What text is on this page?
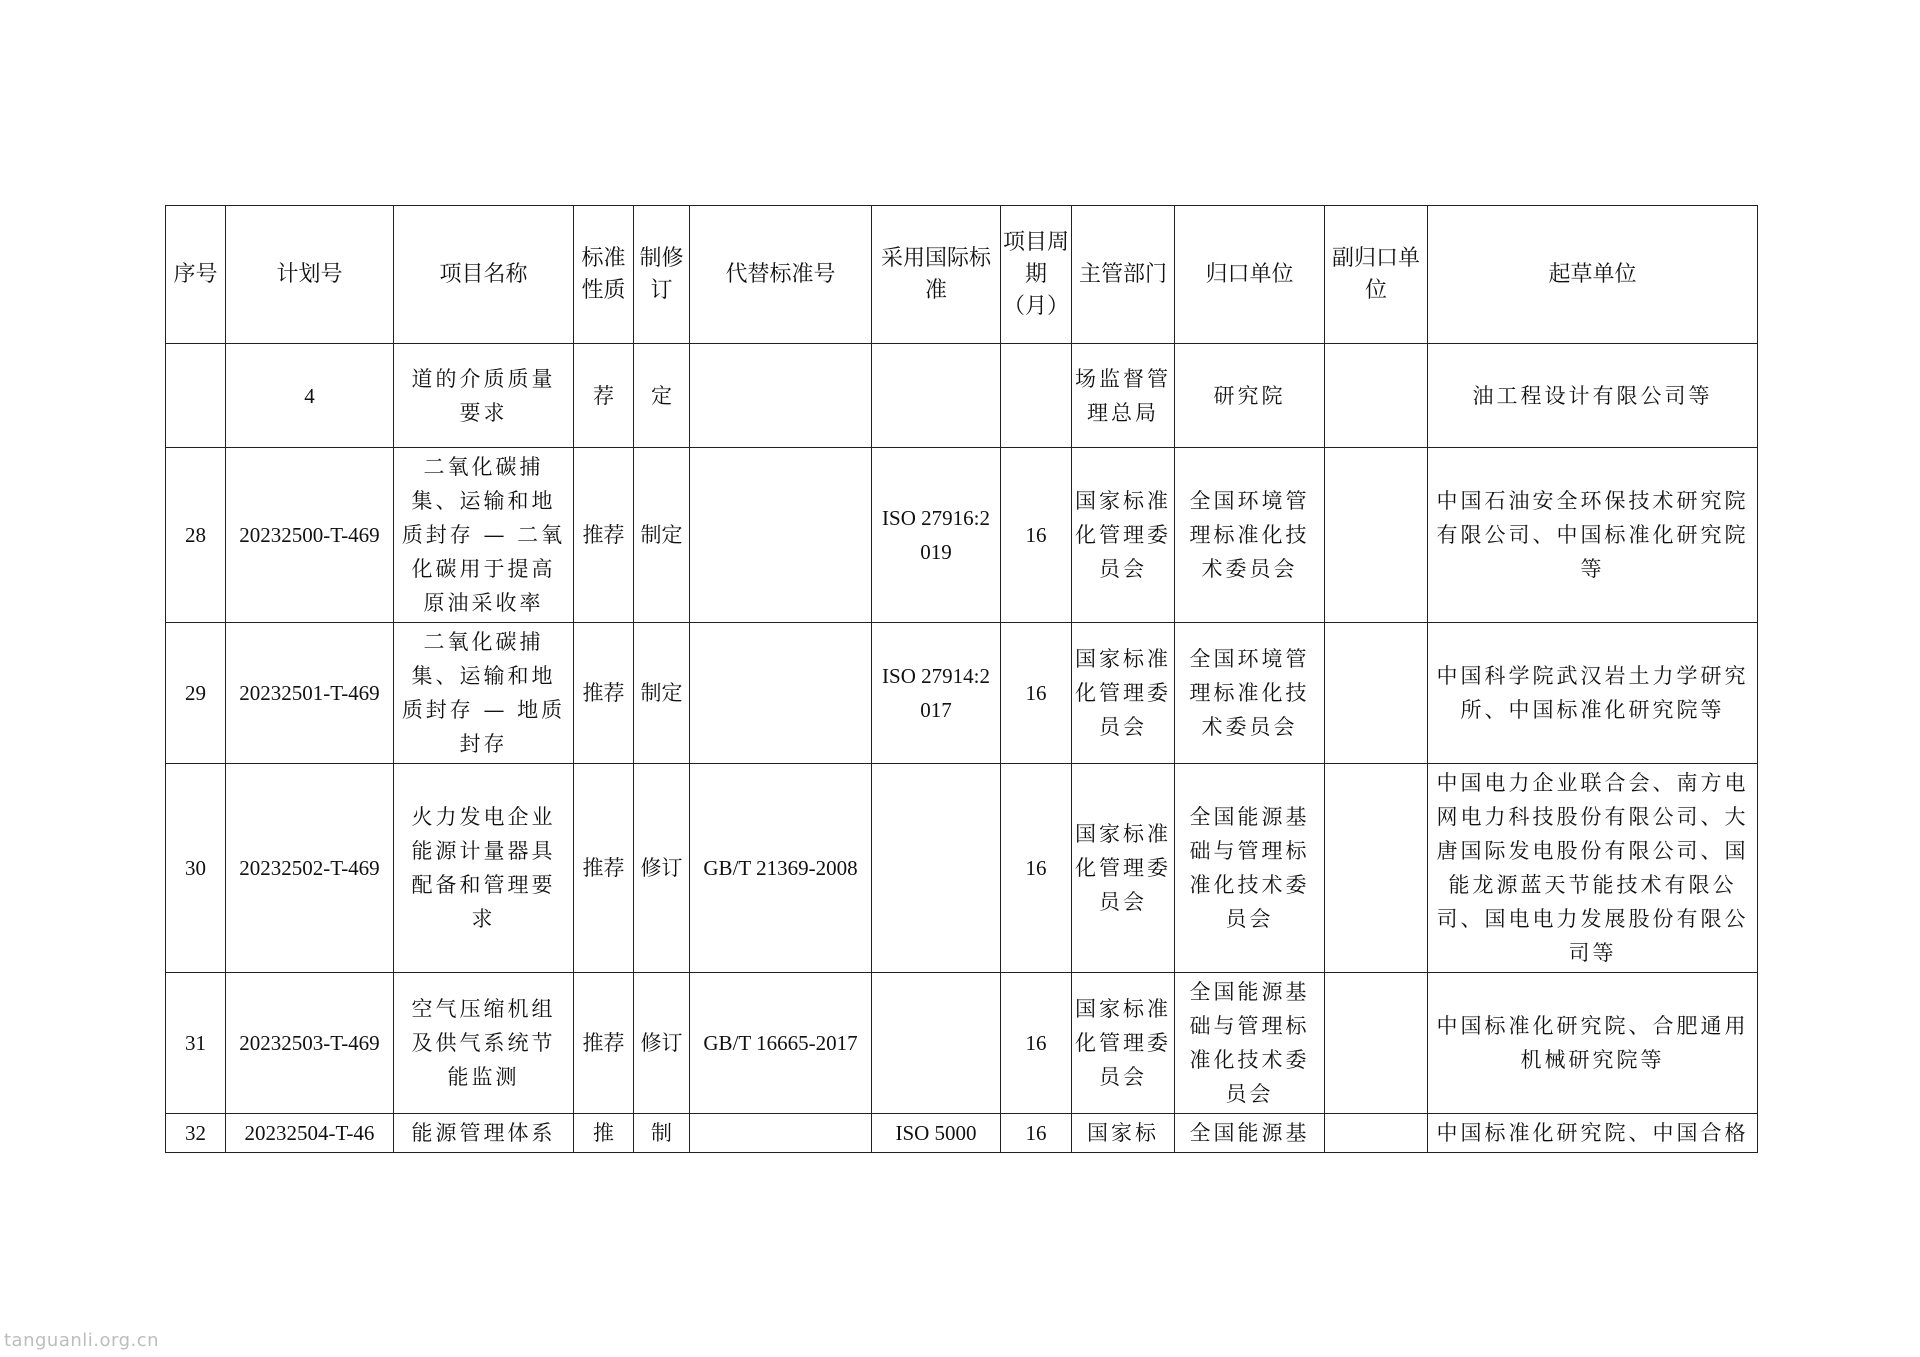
序号	计划号	项目名称	标准性质	制修订	代替标准号	采用国际标准	项目周期（月）	主管部门	归口单位	副归口单位	起草单位
	4	道的介质质量要求	荐	定				场监督管理总局	研究院		油工程设计有限公司等
28	20232500-T-469	二氧化碳捕集、运输和地质封存 — 二氧化碳用于提高原油采收率	推荐	制定		ISO 27916:2019	16	国家标准化管理委员会	全国环境管理标准化技术委员会		中国石油安全环保技术研究院有限公司、中国标准化研究院等
29	20232501-T-469	二氧化碳捕集、运输和地质封存 — 地质封存	推荐	制定		ISO 27914:2017	16	国家标准化管理委员会	全国环境管理标准化技术委员会		中国科学院武汉岩土力学研究所、中国标准化研究院等
30	20232502-T-469	火力发电企业能源计量器具配备和管理要求	推荐	修订	GB/T 21369-2008		16	国家标准化管理委员会	全国能源基础与管理标准化技术委员会		中国电力企业联合会、南方电网电力科技股份有限公司、大唐国际发电股份有限公司、国能龙源蓝天节能技术有限公司、国电电力发展股份有限公司等
31	20232503-T-469	空气压缩机组及供气系统节能监测	推荐	修订	GB/T 16665-2017		16	国家标准化管理委员会	全国能源基础与管理标准化技术委员会		中国标准化研究院、合肥通用机械研究院等
32	20232504-T-46	能源管理体系	推	制		ISO 5000	16	国家标	全国能源基		中国标准化研究院、中国合格
tanguanli.org.cn
